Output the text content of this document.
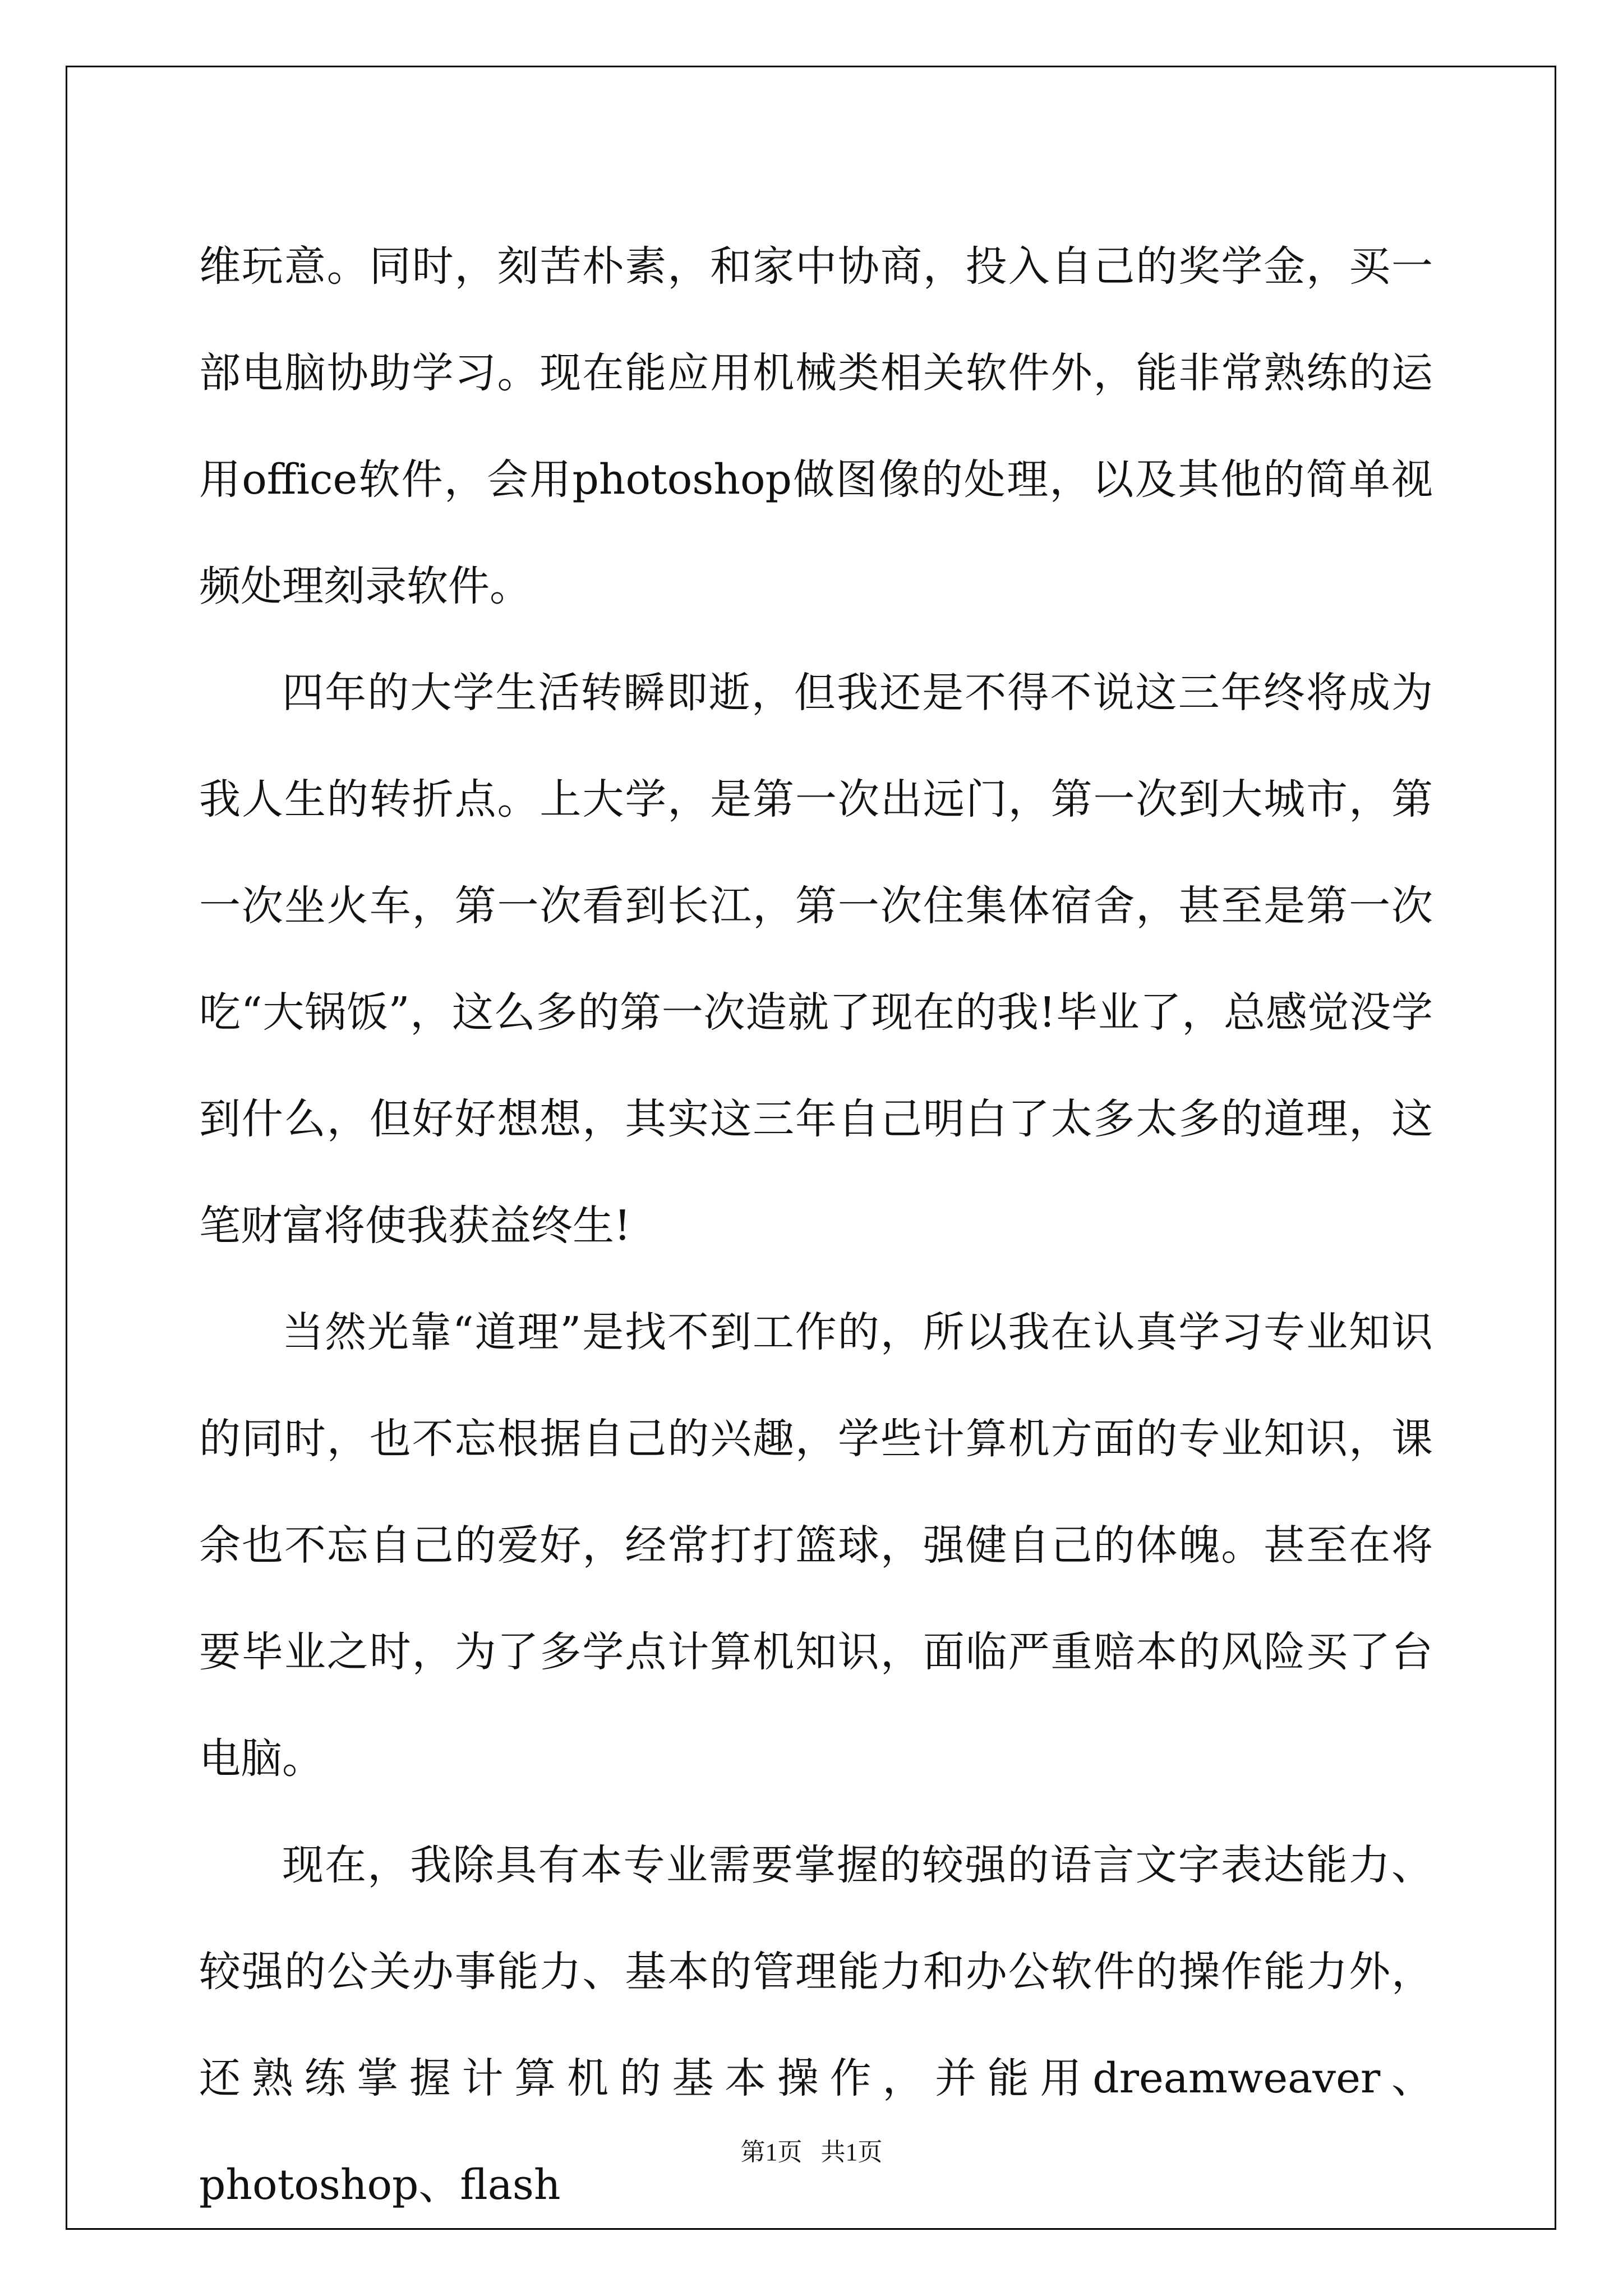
维玩意。同时，刻苦朴素，和家中协商，投入自己的奖学金，买一部电脑协助学习。现在能应用机械类相关软件外，能非常熟练的运用office软件，会用photoshop做图像的处理，以及其他的简单视频处理刻录软件。

四年的大学生活转瞬即逝，但我还是不得不说这三年终将成为我人生的转折点。上大学，是第一次出远门，第一次到大城市，第一次坐火车，第一次看到长江，第一次住集体宿舍，甚至是第一次吃“大锅饭”，这么多的第一次造就了现在的我!毕业了，总感觉没学到什么，但好好想想，其实这三年自己明白了太多太多的道理，这笔财富将使我获益终生!

当然光靠“道理”是找不到工作的，所以我在认真学习专业知识的同时，也不忘根据自己的兴趣，学些计算机方面的专业知识，课余也不忘自己的爱好，经常打打篮球，强健自己的体魄。甚至在将要毕业之时，为了多学点计算机知识，面临严重赔本的风险买了台电脑。

现在，我除具有本专业需要掌握的较强的语言文字表达能力、较强的公关办事能力、基本的管理能力和办公软件的操作能力外，还熟练掌握计算机的基本操作，并能用dreamweaver、photoshop、flash

第1页   共1页
